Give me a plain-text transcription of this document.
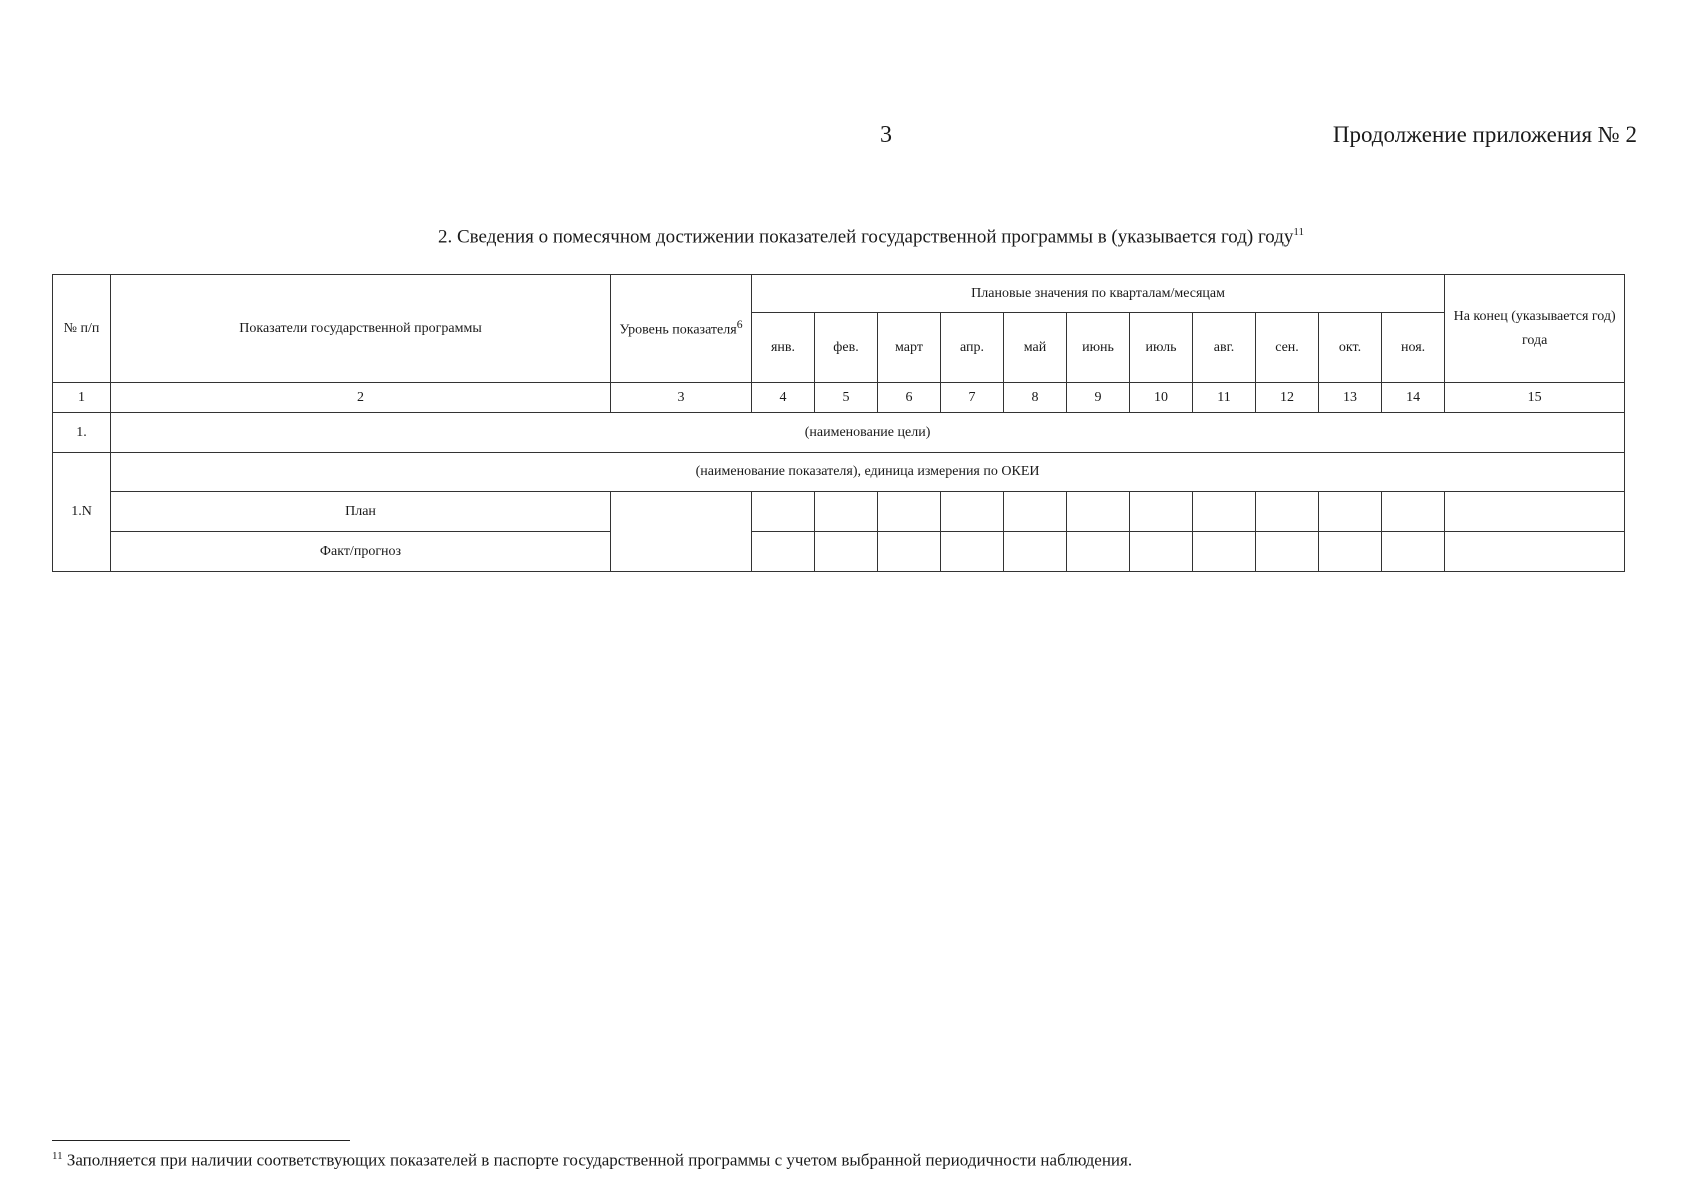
3	Продолжение приложения № 2
2. Сведения о помесячном достижении показателей государственной программы в (указывается год) году$^{11}$
№ п/п	Показатели государственной программы	Уровень показателя$^6$	Плановые значения по кварталам/месяцам											На конец (указывается год) года
			янв.	фев.	март	апр.	май	июнь	июль	авг.	сен.	окт.	ноя.	
1	2	3	4	5	6	7	8	9	10	11	12	13	14	15
1.	(наименование цели)													
1.N	(наименование показателя), единица измерения по ОКЕИ													
	План													
	Факт/прогноз													
$^{11}$ Заполняется при наличии соответствующих показателей в паспорте государственной программы с учетом выбранной периодичности наблюдения.
